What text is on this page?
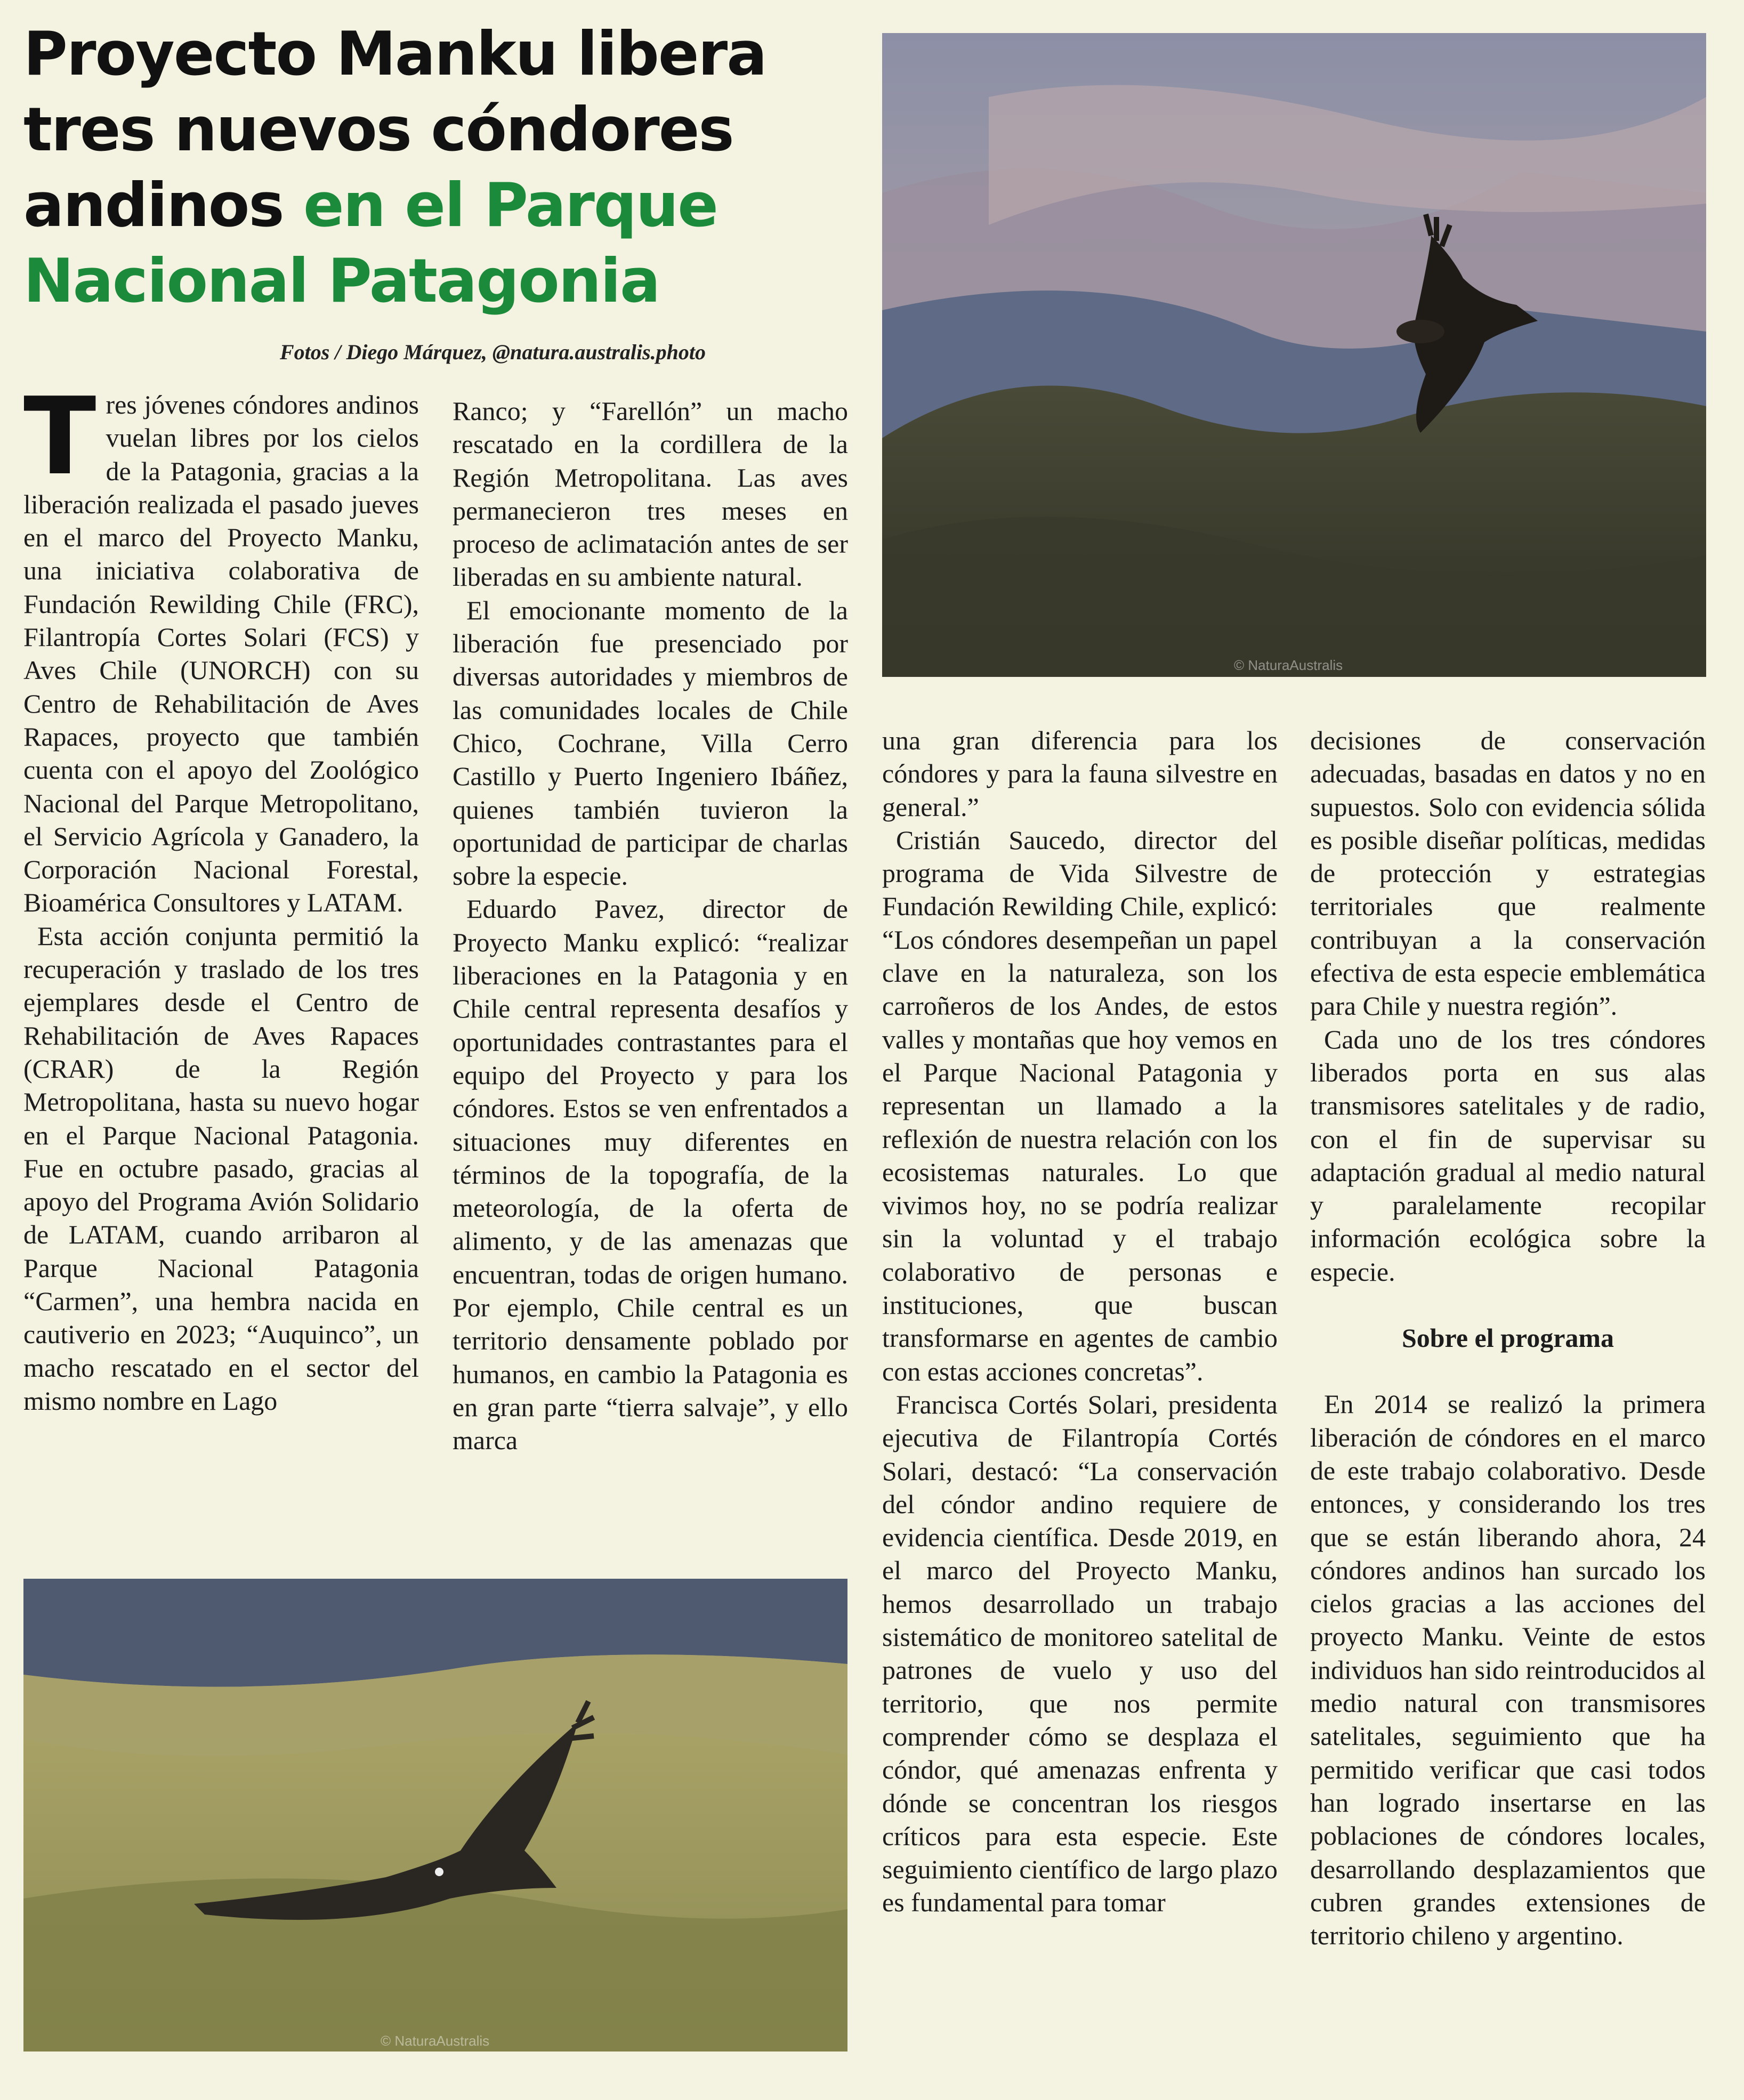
Proyecto Manku libera tres nuevos cóndores andinos en el Parque Nacional Patagonia
Fotos / Diego Márquez, @natura.australis.photo
© NaturaAustralis
© NaturaAustralis

Tres jóvenes cóndores andinos vuelan libres por los cielos de la Patagonia, gracias a la liberación realizada el pasado jueves en el marco del Proyecto Manku, una iniciativa colaborativa de Fundación Rewilding Chile (FRC), Filantropía Cortes Solari (FCS) y Aves Chile (UNORCH) con su Centro de Rehabilitación de Aves Rapaces, proyecto que también cuenta con el apoyo del Zoológico Nacional del Parque Metropolitano, el Servicio Agrícola y Ganadero, la Corporación Nacional Forestal, Bioamérica Consultores y LATAM.

Esta acción conjunta permitió la recuperación y traslado de los tres ejemplares desde el Centro de Rehabilitación de Aves Rapaces (CRAR) de la Región Metropolitana, hasta su nuevo hogar en el Parque Nacional Patagonia. Fue en octubre pasado, gracias al apoyo del Programa Avión Solidario de LATAM, cuando arribaron al Parque Nacional Patagonia “Carmen”, una hembra nacida en cautiverio en 2023; “Auquinco”, un macho rescatado en el sector del mismo nombre en Lago

Ranco; y “Farellón” un macho rescatado en la cordillera de la Región Metropolitana. Las aves permanecieron tres meses en proceso de aclimatación antes de ser liberadas en su ambiente natural.

El emocionante momento de la liberación fue presenciado por diversas autoridades y miembros de las comunidades locales de Chile Chico, Cochrane, Villa Cerro Castillo y Puerto Ingeniero Ibáñez, quienes también tuvieron la oportunidad de participar de charlas sobre la especie.

Eduardo Pavez, director de Proyecto Manku explicó: “realizar liberaciones en la Patagonia y en Chile central representa desafíos y oportunidades contrastantes para el equipo del Proyecto y para los cóndores. Estos se ven enfrentados a situaciones muy diferentes en términos de la topografía, de la meteorología, de la oferta de alimento, y de las amenazas que encuentran, todas de origen humano. Por ejemplo, Chile central es un territorio densamente poblado por humanos, en cambio la Patagonia es en gran parte “tierra salvaje”, y ello marca

una gran diferencia para los cóndores y para la fauna silvestre en general.”

Cristián Saucedo, director del programa de Vida Silvestre de Fundación Rewilding Chile, explicó: “Los cóndores desempeñan un papel clave en la naturaleza, son los carroñeros de los Andes, de estos valles y montañas que hoy vemos en el Parque Nacional Patagonia y representan un llamado a la reflexión de nuestra relación con los ecosistemas naturales. Lo que vivimos hoy, no se podría realizar sin la voluntad y el trabajo colaborativo de personas e instituciones, que buscan transformarse en agentes de cambio con estas acciones concretas”.

Francisca Cortés Solari, presidenta ejecutiva de Filantropía Cortés Solari, destacó: “La conservación del cóndor andino requiere de evidencia científica. Desde 2019, en el marco del Proyecto Manku, hemos desarrollado un trabajo sistemático de monitoreo satelital de patrones de vuelo y uso del territorio, que nos permite comprender cómo se desplaza el cóndor, qué amenazas enfrenta y dónde se concentran los riesgos críticos para esta especie. Este seguimiento científico de largo plazo es fundamental para tomar

decisiones de conservación adecuadas, basadas en datos y no en supuestos. Solo con evidencia sólida es posible diseñar políticas, medidas de protección y estrategias territoriales que realmente contribuyan a la conservación efectiva de esta especie emblemática para Chile y nuestra región”.

Cada uno de los tres cóndores liberados porta en sus alas transmisores satelitales y de radio, con el fin de supervisar su adaptación gradual al medio natural y paralelamente recopilar información ecológica sobre la especie.

Sobre el programa

En 2014 se realizó la primera liberación de cóndores en el marco de este trabajo colaborativo. Desde entonces, y considerando los tres que se están liberando ahora, 24 cóndores andinos han surcado los cielos gracias a las acciones del proyecto Manku. Veinte de estos individuos han sido reintroducidos al medio natural con transmisores satelitales, seguimiento que ha permitido verificar que casi todos han logrado insertarse en las poblaciones de cóndores locales, desarrollando desplazamientos que cubren grandes extensiones de territorio chileno y argentino.
